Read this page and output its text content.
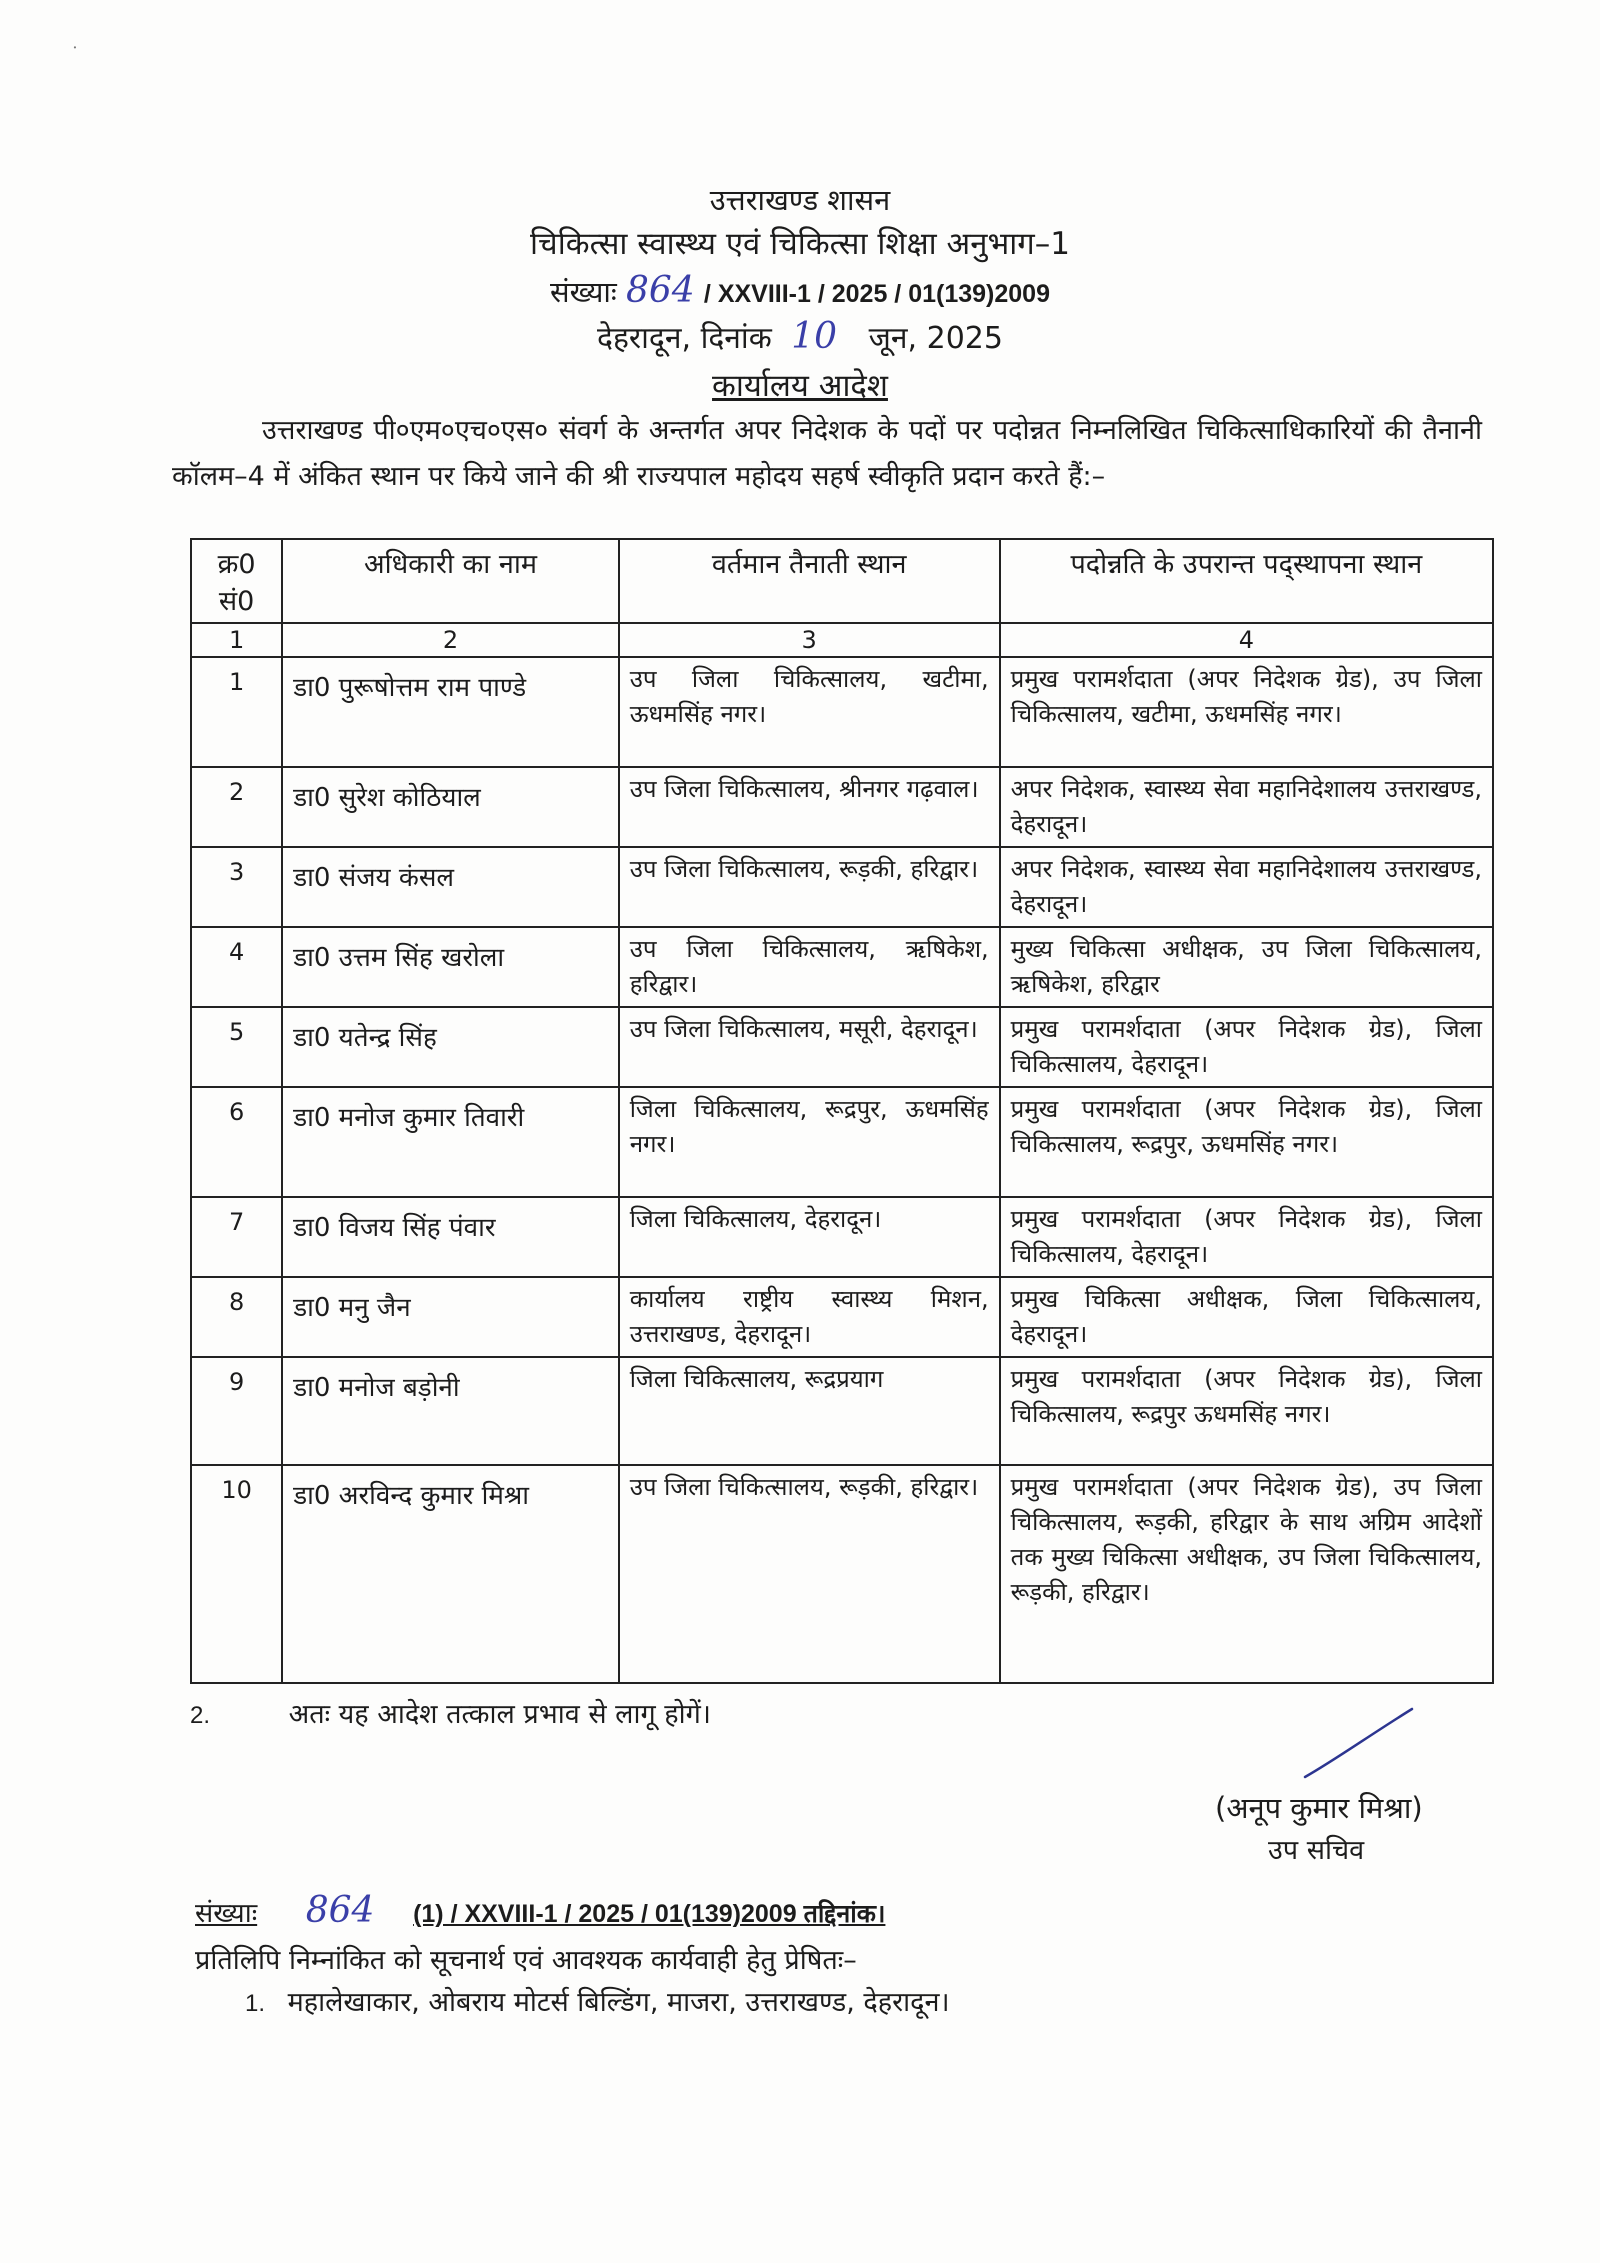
ॱ
उत्तराखण्ड शासन
चिकित्सा स्वास्थ्य एवं चिकित्सा शिक्षा अनुभाग–1
संख्याः 864 / XXVIII-1 / 2025 / 01(139)2009
देहरादून, दिनांक 10 जून, 2025
कार्यालय आदेश
उत्तराखण्ड पी०एम०एच०एस० संवर्ग के अन्तर्गत अपर निदेशक के पदों पर पदोन्नत निम्नलिखित चिकित्साधिकारियों की तैनानी कॉलम–4 में अंकित स्थान पर किये जाने की श्री राज्यपाल महोदय सहर्ष स्वीकृति प्रदान करते हैं:–
क्र0 सं0	अधिकारी का नाम	वर्तमान तैनाती स्थान	पदोन्नति के उपरान्त पद्स्थापना स्थान
1	2	3	4
1	डा0 पुरूषोत्तम राम पाण्डे	उप जिला चिकित्सालय, खटीमा, ऊधमसिंह नगर।	प्रमुख परामर्शदाता (अपर निदेशक ग्रेड), उप जिला चिकित्सालय, खटीमा, ऊधमसिंह नगर।
2	डा0 सुरेश कोठियाल	उप जिला चिकित्सालय, श्रीनगर गढ़वाल।	अपर निदेशक, स्वास्थ्य सेवा महानिदेशालय उत्तराखण्ड, देहरादून।
3	डा0 संजय कंसल	उप जिला चिकित्सालय, रूड़की, हरिद्वार।	अपर निदेशक, स्वास्थ्य सेवा महानिदेशालय उत्तराखण्ड, देहरादून।
4	डा0 उत्तम सिंह खरोला	उप जिला चिकित्सालय, ऋषिकेश, हरिद्वार।	मुख्य चिकित्सा अधीक्षक, उप जिला चिकित्सालय, ऋषिकेश, हरिद्वार
5	डा0 यतेन्द्र सिंह	उप जिला चिकित्सालय, मसूरी, देहरादून।	प्रमुख परामर्शदाता (अपर निदेशक ग्रेड), जिला चिकित्सालय, देहरादून।
6	डा0 मनोज कुमार तिवारी	जिला चिकित्सालय, रूद्रपुर, ऊधमसिंह नगर।	प्रमुख परामर्शदाता (अपर निदेशक ग्रेड), जिला चिकित्सालय, रूद्रपुर, ऊधमसिंह नगर।
7	डा0 विजय सिंह पंवार	जिला चिकित्सालय, देहरादून।	प्रमुख परामर्शदाता (अपर निदेशक ग्रेड), जिला चिकित्सालय, देहरादून।
8	डा0 मनु जैन	कार्यालय राष्ट्रीय स्वास्थ्य मिशन, उत्तराखण्ड, देहरादून।	प्रमुख चिकित्सा अधीक्षक, जिला चिकित्सालय, देहरादून।
9	डा0 मनोज बड़ोनी	जिला चिकित्सालय, रूद्रप्रयाग	प्रमुख परामर्शदाता (अपर निदेशक ग्रेड), जिला चिकित्सालय, रूद्रपुर ऊधमसिंह नगर।
10	डा0 अरविन्द कुमार मिश्रा	उप जिला चिकित्सालय, रूड़की, हरिद्वार।	प्रमुख परामर्शदाता (अपर निदेशक ग्रेड), उप जिला चिकित्सालय, रूड़की, हरिद्वार के साथ अग्रिम आदेशों तक मुख्य चिकित्सा अधीक्षक, उप जिला चिकित्सालय, रूड़की, हरिद्वार।
2.	अतः यह आदेश तत्काल प्रभाव से लागू होगें।
(अनूप कुमार मिश्रा)
उप सचिव
संख्याः 864 (1) / XXVIII-1 / 2025 / 01(139)2009 तद्दिनांक।
प्रतिलिपि निम्नांकित को सूचनार्थ एवं आवश्यक कार्यवाही हेतु प्रेषितः–
1. महालेखाकार, ओबराय मोटर्स बिल्डिंग, माजरा, उत्तराखण्ड, देहरादून।
